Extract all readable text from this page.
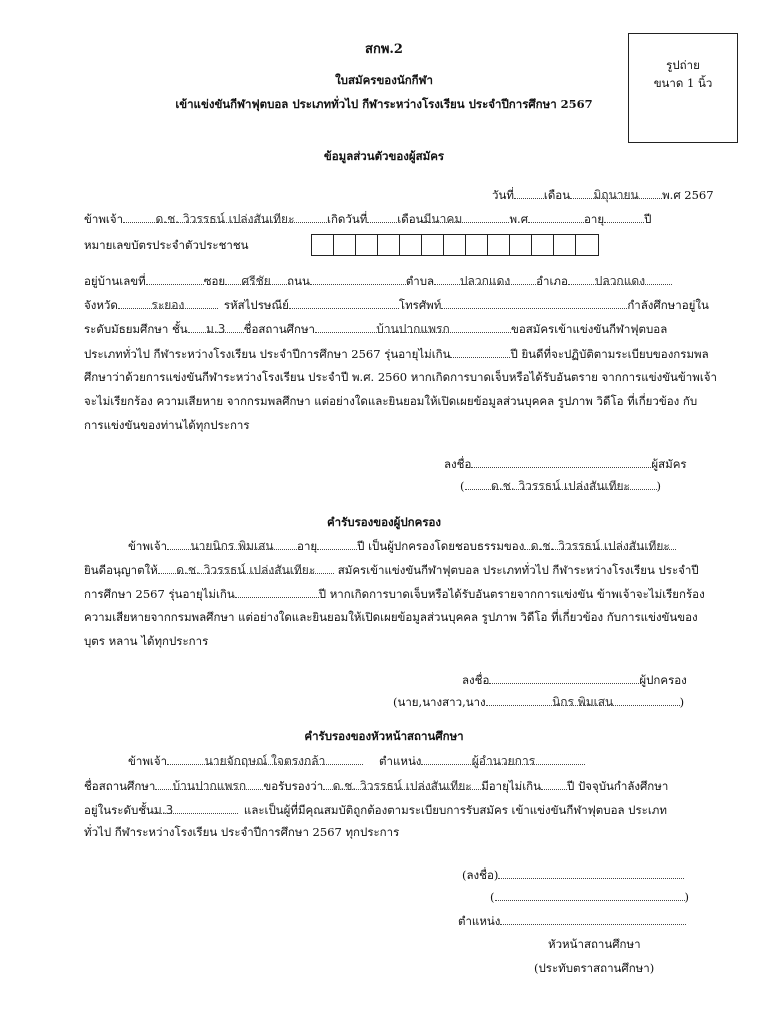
สกพ.2
รูปถ่าย
ขนาด 1 นิ้ว
ใบสมัครของนักกีฬา
เข้าแข่งขันกีฬาฟุตบอล ประเภททั่วไป กีฬาระหว่างโรงเรียน ประจำปีการศึกษา 2567
ข้อมูลส่วนตัวของผู้สมัคร
วันที่	เดือน มิถุนายน พ.ศ 2567
ข้าพเจ้า	ด.ช. วิวรรธน์ เปล่งสันเทียะ	เกิดวันที่	เดือนมีนาคม	พ.ศ	อายุ	ปี
หมายเลขบัตรประจำตัวประชาชน
อยู่บ้านเลขที่	ซอย ศรีชัย ถนน	ตำบล ปลวกแดง อำเภอ ปลวกแดง
จังหวัด	ระยอง	รหัสไปรษณีย์	โทรศัพท์	กำลังศึกษาอยู่ใน
ระดับมัธยมศึกษา ชั้น ม.3 ชื่อสถานศึกษา	บ้านปากแพรก	ขอสมัครเข้าแข่งขันกีฬาฟุตบอล
ประเภททั่วไป กีฬาระหว่างโรงเรียน ประจำปีการศึกษา 2567 รุ่นอายุไม่เกิน	ปี ยินดีที่จะปฏิบัติตามระเบียบของกรมพล
ศึกษาว่าด้วยการแข่งขันกีฬาระหว่างโรงเรียน ประจำปี พ.ศ. 2560 หากเกิดการบาดเจ็บหรือได้รับอันตราย จากการแข่งขันข้าพเจ้า
จะไม่เรียกร้อง ความเสียหาย จากกรมพลศึกษา แต่อย่างใดและยินยอมให้เปิดเผยข้อมูลส่วนบุคคล รูปภาพ วิดีโอ ที่เกี่ยวข้อง กับ
การแข่งขันของท่านได้ทุกประการ
ลงชื่อ	ผู้สมัคร
( ด.ช. วิวรรธน์ เปล่งสันเทียะ )
คำรับรองของผู้ปกครอง
ข้าพเจ้า นายนิกร พิมเสน อายุ	ปี เป็นผู้ปกครองโดยชอบธรรมของ ด.ช. วิวรรธน์ เปล่งสันเทียะ
ยินดีอนุญาตให้ ด.ช. วิวรรธน์ เปล่งสันเทียะ สมัครเข้าแข่งขันกีฬาฟุตบอล ประเภททั่วไป กีฬาระหว่างโรงเรียน ประจำปี
การศึกษา 2567 รุ่นอายุไม่เกิน	ปี หากเกิดการบาดเจ็บหรือได้รับอันตรายจากการแข่งขัน ข้าพเจ้าจะไม่เรียกร้อง
ความเสียหายจากกรมพลศึกษา แต่อย่างใดและยินยอมให้เปิดเผยข้อมูลส่วนบุคคล รูปภาพ วิดีโอ ที่เกี่ยวข้อง กับการแข่งขันของ
บุตร หลาน ได้ทุกประการ
ลงชื่อ	ผู้ปกครอง
(นาย,นางสาว,นาง	นิกร พิมเสน	)
คำรับรองของหัวหน้าสถานศึกษา
ข้าพเจ้า	นายจักฤษณ์ ใจตรงกล้า	ตำแหน่ง	ผู้อำนวยการ
ชื่อสถานศึกษา บ้านปากแพรก ขอรับรองว่า ด.ช. วิวรรธน์ เปล่งสันเทียะ มีอายุไม่เกิน ปี ปัจจุบันกำลังศึกษา
อยู่ในระดับชั้นม.3	และเป็นผู้ที่มีคุณสมบัติถูกต้องตามระเบียบการรับสมัคร เข้าแข่งขันกีฬาฟุตบอล ประเภท
ทั่วไป กีฬาระหว่างโรงเรียน ประจำปีการศึกษา 2567 ทุกประการ
(ลงชื่อ)
(	)
ตำแหน่ง
หัวหน้าสถานศึกษา
(ประทับตราสถานศึกษา)
